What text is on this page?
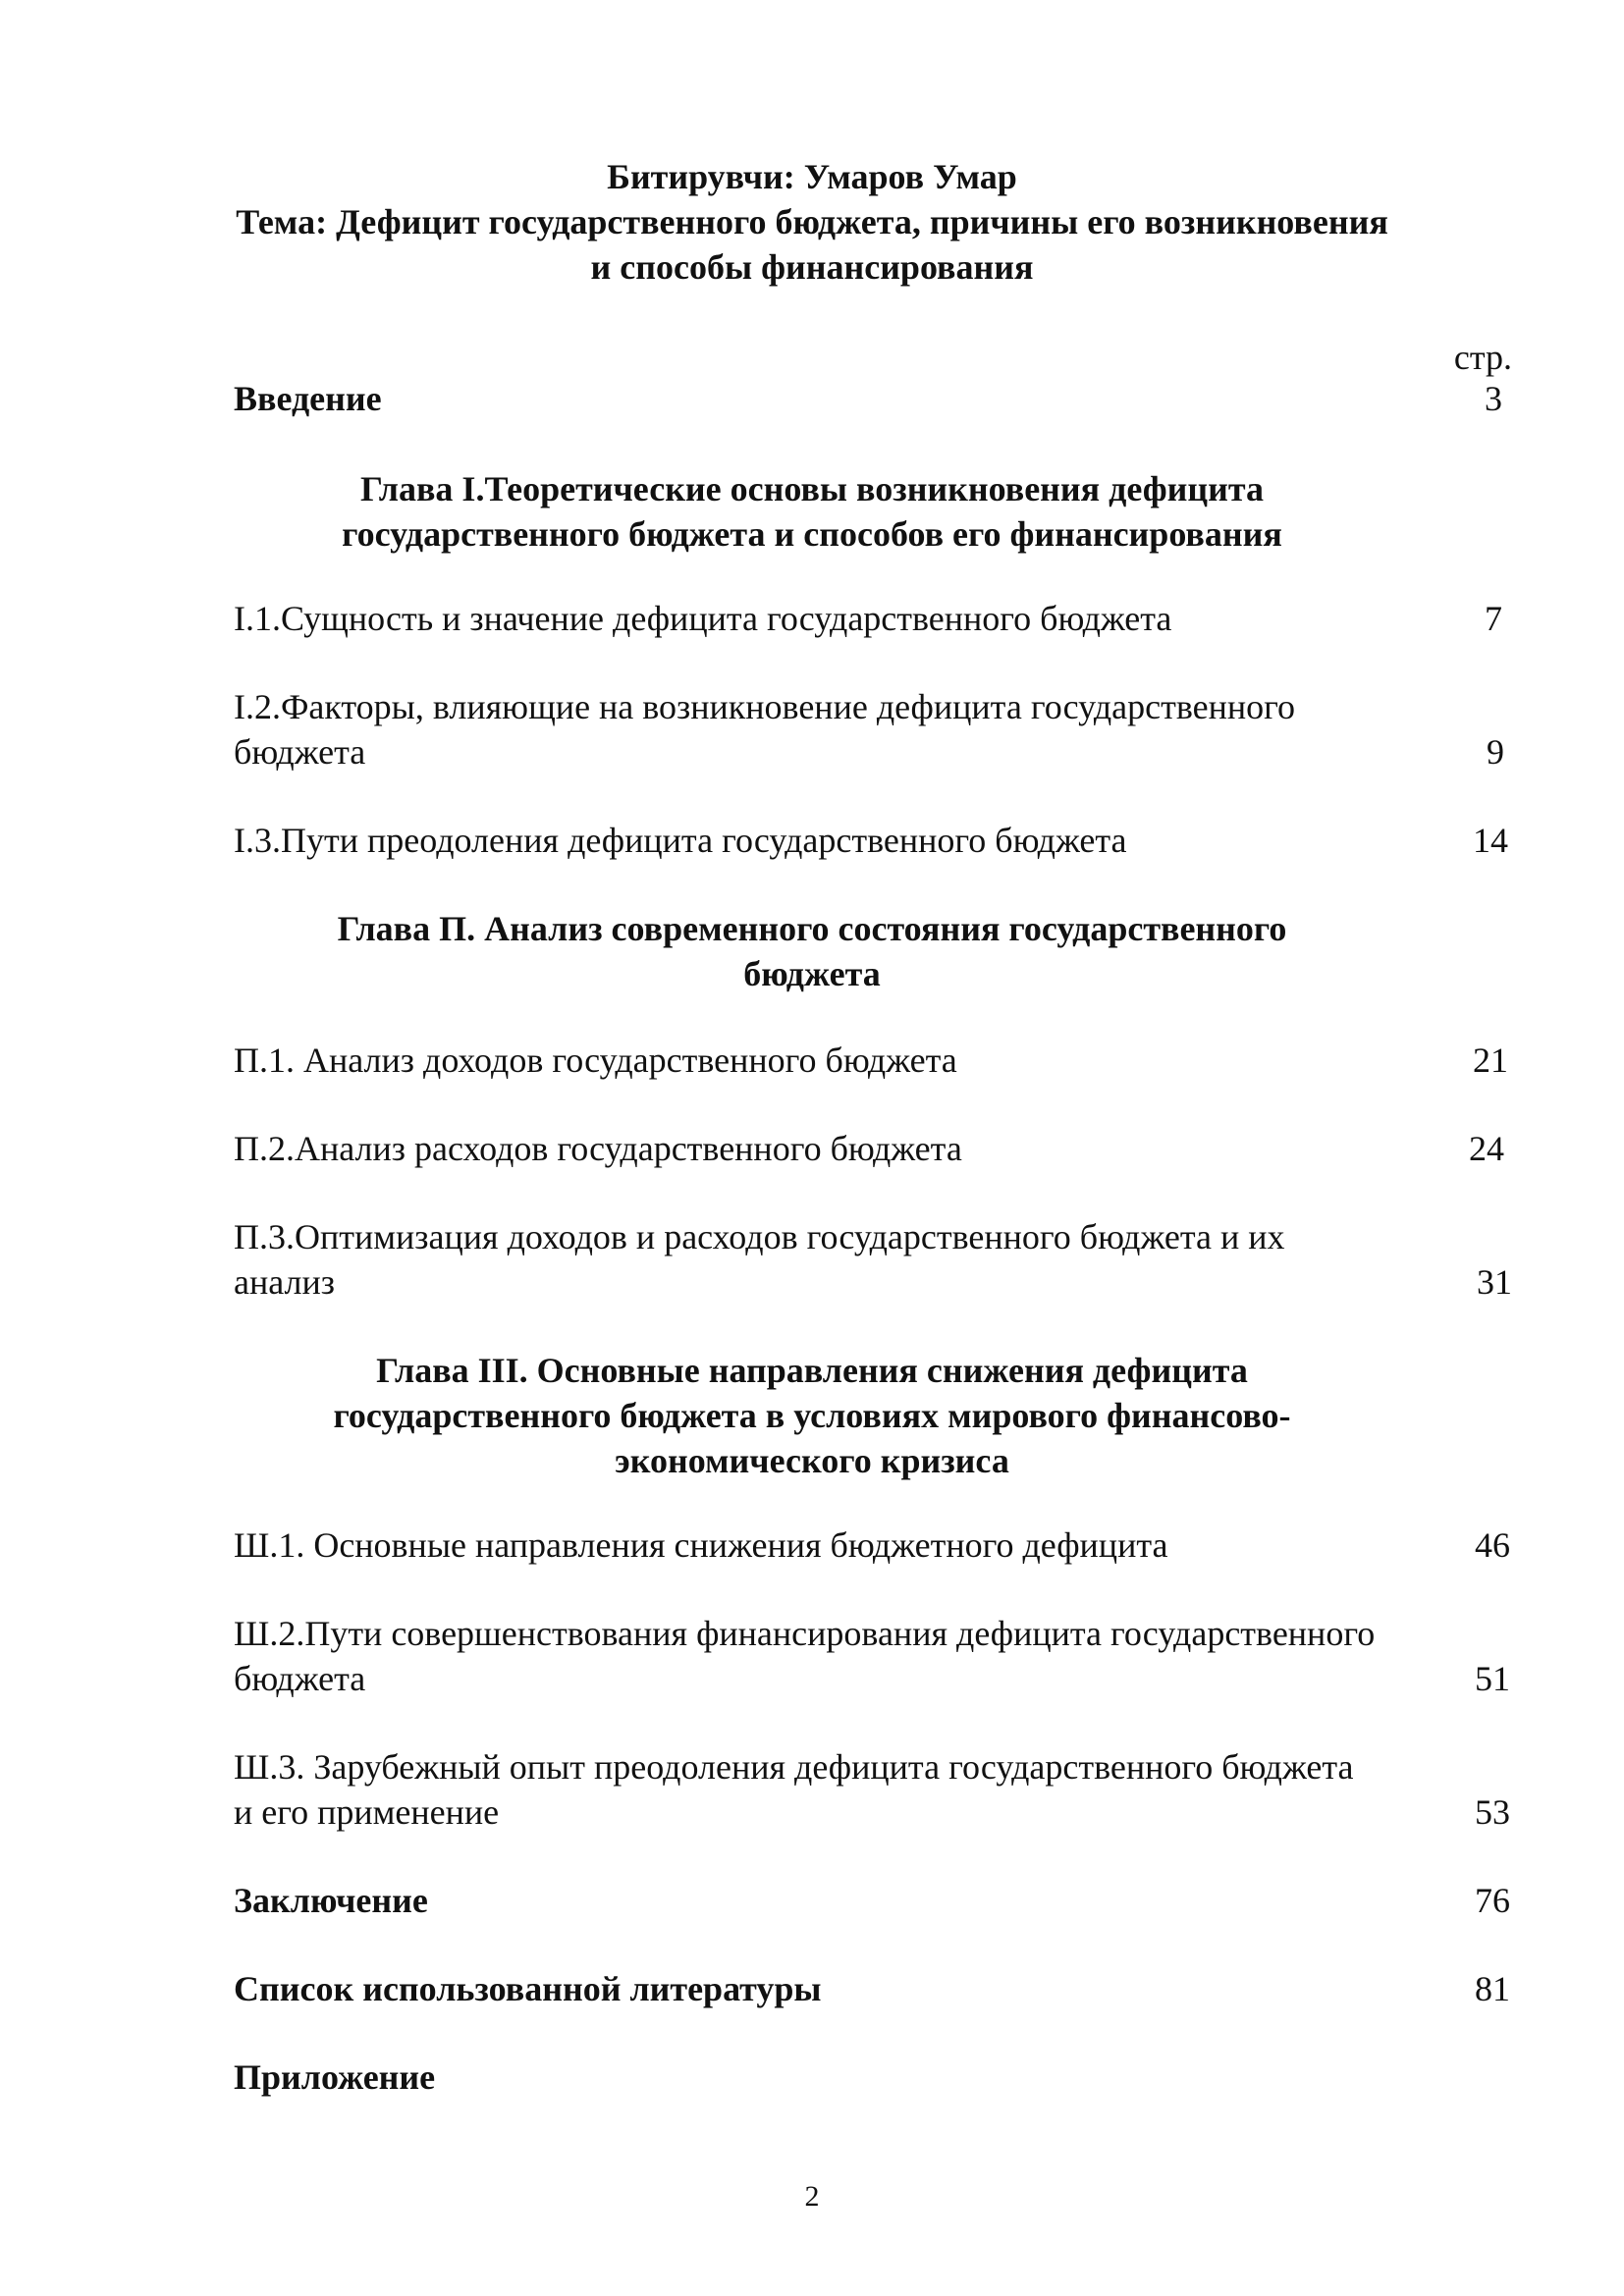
Битирувчи: Умаров Умар
Тема: Дефицит государственного бюджета, причины его возникновения
и способы финансирования
стр.
Введение	3
Глава I.Теоретические основы возникновения дефицита
государственного бюджета и способов его финансирования
I.1.Сущность и значение дефицита государственного бюджета	7
I.2.Факторы, влияющие на возникновение дефицита государственного
бюджета	9
I.3.Пути преодоления дефицита государственного бюджета	14
Глава П. Анализ современного состояния государственного
бюджета
П.1. Анализ доходов государственного бюджета	21
П.2.Анализ расходов государственного бюджета	24
П.3.Оптимизация доходов и расходов государственного бюджета и их
анализ	31
Глава III. Основные направления снижения дефицита
государственного бюджета в условиях мирового финансово-
экономического кризиса
Ш.1. Основные направления снижения бюджетного дефицита	46
Ш.2.Пути совершенствования финансирования дефицита государственного
бюджета	51
Ш.3. Зарубежный опыт преодоления дефицита государственного бюджета
и его применение	53
Заключение	76
Список использованной литературы	81
Приложение
2
